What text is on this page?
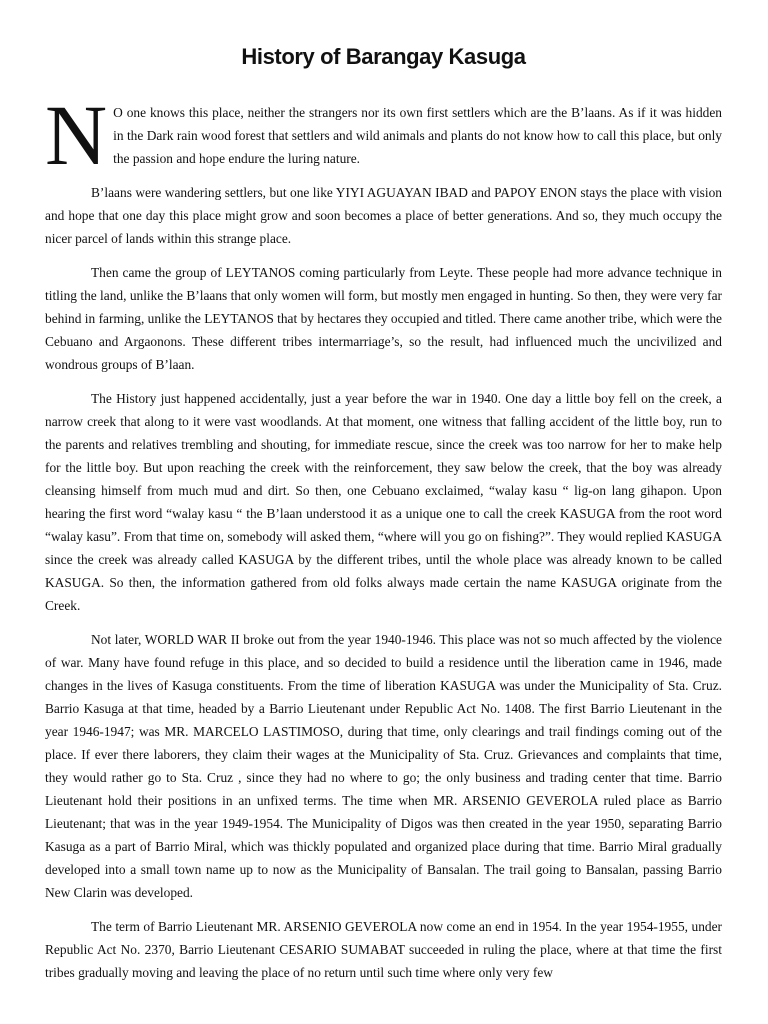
History of Barangay Kasuga

N O one knows this place, neither the strangers nor its own first settlers which are the B’laans. As if it was hidden in the Dark rain wood forest that settlers and wild animals and plants do not know how to call this place, but only the passion and hope endure the luring nature.

B’laans were wandering settlers, but one like YIYI AGUAYAN IBAD and PAPOY ENON stays the place with vision and hope that one day this place might grow and soon becomes a place of better generations. And so, they much occupy the nicer parcel of lands within this strange place.

Then came the group of LEYTANOS coming particularly from Leyte. These people had more advance technique in titling the land, unlike the B’laans that only women will form, but mostly men engaged in hunting. So then, they were very far behind in farming, unlike the LEYTANOS that by hectares they occupied and titled. There came another tribe, which were the Cebuano and Argaonons. These different tribes intermarriage’s, so the result, had influenced much the uncivilized and wondrous groups of B’laan.

The History just happened accidentally, just a year before the war in 1940. One day a little boy fell on the creek, a narrow creek that along to it were vast woodlands. At that moment, one witness that falling accident of the little boy, run to the parents and relatives trembling and shouting, for immediate rescue, since the creek was too narrow for her to make help for the little boy. But upon reaching the creek with the reinforcement, they saw below the creek, that the boy was already cleansing himself from much mud and dirt. So then, one Cebuano exclaimed, “walay kasu “ lig-on lang gihapon. Upon hearing the first word “walay kasu “ the B’laan understood it as a unique one to call the creek KASUGA from the root word “walay kasu”. From that time on, somebody will asked them, “where will you go on fishing?”. They would replied KASUGA since the creek was already called KASUGA by the different tribes, until the whole place was already known to be called KASUGA. So then, the information gathered from old folks always made certain the name KASUGA originate from the Creek.

Not later, WORLD WAR II broke out from the year 1940-1946. This place was not so much affected by the violence of war. Many have found refuge in this place, and so decided to build a residence until the liberation came in 1946, made changes in the lives of Kasuga constituents. From the time of liberation KASUGA was under the Municipality of Sta. Cruz. Barrio Kasuga at that time, headed by a Barrio Lieutenant under Republic Act No. 1408. The first Barrio Lieutenant in the year 1946-1947; was MR. MARCELO LASTIMOSO, during that time, only clearings and trail findings coming out of the place. If ever there laborers, they claim their wages at the Municipality of Sta. Cruz. Grievances and complaints that time, they would rather go to Sta. Cruz , since they had no where to go; the only business and trading center that time. Barrio Lieutenant hold their positions in an unfixed terms. The time when MR. ARSENIO GEVEROLA ruled place as Barrio Lieutenant; that was in the year 1949-1954. The Municipality of Digos was then created in the year 1950, separating Barrio Kasuga as a part of Barrio Miral, which was thickly populated and organized place during that time. Barrio Miral gradually developed into a small town name up to now as the Municipality of Bansalan. The trail going to Bansalan, passing Barrio New Clarin was developed.

The term of Barrio Lieutenant MR. ARSENIO GEVEROLA now come an end in 1954. In the year 1954-1955, under Republic Act No. 2370, Barrio Lieutenant CESARIO SUMABAT succeeded in ruling the place, where at that time the first tribes gradually moving and leaving the place of no return until such time where only very few
